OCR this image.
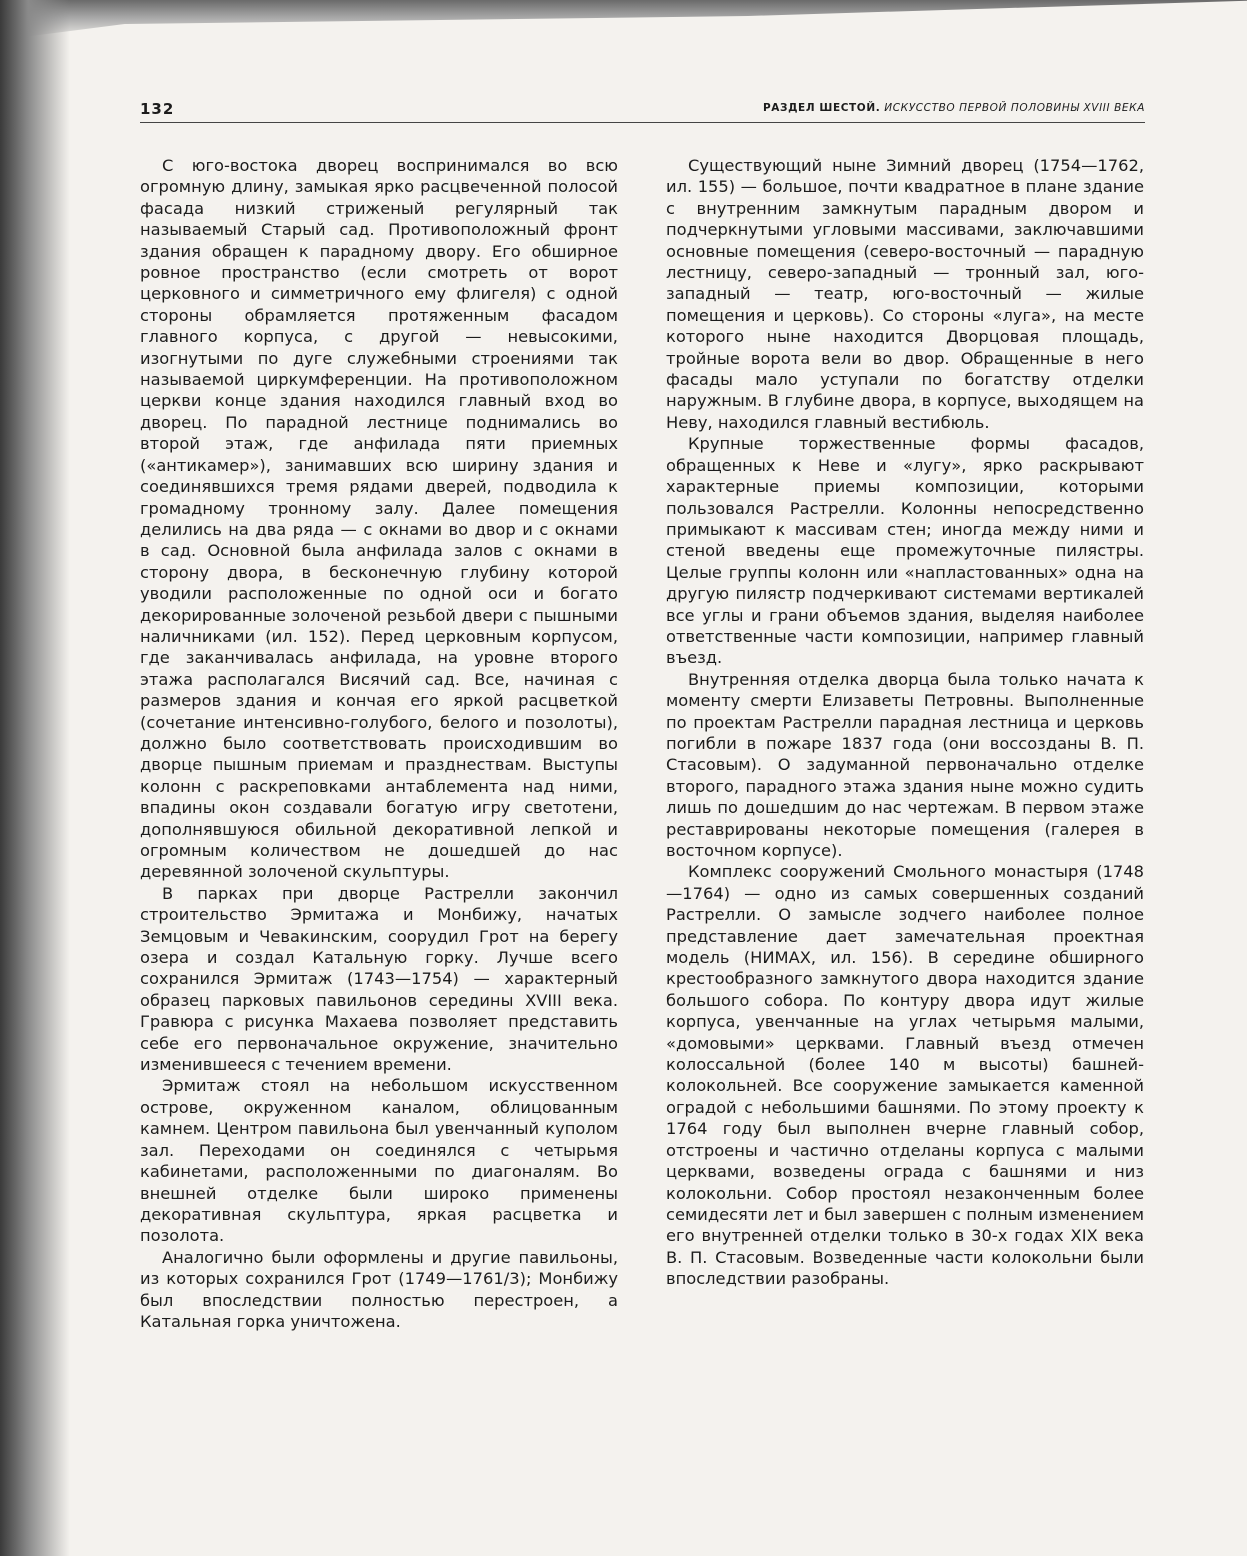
132	РАЗДЕЛ ШЕСТОЙ. ИСКУССТВО ПЕРВОЙ ПОЛОВИНЫ XVIII ВЕКА

С юго-востока дворец воспринимался во всю огромную длину, замыкая ярко расцвеченной полосой фасада низкий стриженый регулярный так называемый Старый сад. Противоположный фронт здания обращен к парадному двору. Его обширное ровное пространство (если смотреть от ворот церковного и симметричного ему флигеля) с одной стороны обрамляется протяженным фасадом главного корпуса, с другой — невысокими, изогнутыми по дуге служебными строениями так называемой циркумференции. На противоположном церкви конце здания находился главный вход во дворец. По парадной лестнице поднимались во второй этаж, где анфилада пяти приемных («антикамер»), занимавших всю ширину здания и соединявшихся тремя рядами дверей, подводила к громадному тронному залу. Далее помещения делились на два ряда — с окнами во двор и с окнами в сад. Основной была анфилада залов с окнами в сторону двора, в бесконечную глубину которой уводили расположенные по одной оси и богато декорированные золоченой резьбой двери с пышными наличниками (ил. 152). Перед церковным корпусом, где заканчивалась анфилада, на уровне второго этажа располагался Висячий сад. Все, начиная с размеров здания и кончая его яркой расцветкой (сочетание интенсивно-голубого, белого и позолоты), должно было соответствовать происходившим во дворце пышным приемам и празднествам. Выступы колонн с раскреповками антаблемента над ними, впадины окон создавали богатую игру светотени, дополнявшуюся обильной декоративной лепкой и огромным количеством не дошедшей до нас деревянной золоченой скульптуры.

В парках при дворце Растрелли закончил строительство Эрмитажа и Монбижу, начатых Земцовым и Чевакинским, соорудил Грот на берегу озера и создал Катальную горку. Лучше всего сохранился Эрмитаж (1743—1754) — характерный образец парковых павильонов середины XVIII века. Гравюра с рисунка Махаева позволяет представить себе его первоначальное окружение, значительно изменившееся с течением времени.

Эрмитаж стоял на небольшом искусственном острове, окруженном каналом, облицованным камнем. Центром павильона был увенчанный куполом зал. Переходами он соединялся с четырьмя кабинетами, расположенными по диагоналям. Во внешней отделке были широко применены декоративная скульптура, яркая расцветка и позолота.

Аналогично были оформлены и другие павильоны, из которых сохранился Грот (1749—1761/3); Монбижу был впоследствии полностью перестроен, а Катальная горка уничтожена.

Существующий ныне Зимний дворец (1754—1762, ил. 155) — большое, почти квадратное в плане здание с внутренним замкнутым парадным двором и подчеркнутыми угловыми массивами, заключавшими основные помещения (северо-восточный — парадную лестницу, северо-западный — тронный зал, юго-западный — театр, юго-восточный — жилые помещения и церковь). Со стороны «луга», на месте которого ныне находится Дворцовая площадь, тройные ворота вели во двор. Обращенные в него фасады мало уступали по богатству отделки наружным. В глубине двора, в корпусе, выходящем на Неву, находился главный вестибюль.

Крупные торжественные формы фасадов, обращенных к Неве и «лугу», ярко раскрывают характерные приемы композиции, которыми пользовался Растрелли. Колонны непосредственно примыкают к массивам стен; иногда между ними и стеной введены еще промежуточные пилястры. Целые группы колонн или «напластованных» одна на другую пилястр подчеркивают системами вертикалей все углы и грани объемов здания, выделяя наиболее ответственные части композиции, например главный въезд.

Внутренняя отделка дворца была только начата к моменту смерти Елизаветы Петровны. Выполненные по проектам Растрелли парадная лестница и церковь погибли в пожаре 1837 года (они воссозданы В. П. Стасовым). О задуманной первоначально отделке второго, парадного этажа здания ныне можно судить лишь по дошедшим до нас чертежам. В первом этаже реставрированы некоторые помещения (галерея в восточном корпусе).

Комплекс сооружений Смольного монастыря (1748—1764) — одно из самых совершенных созданий Растрелли. О замысле зодчего наиболее полное представление дает замечательная проектная модель (НИМАХ, ил. 156). В середине обширного крестообразного замкнутого двора находится здание большого собора. По контуру двора идут жилые корпуса, увенчанные на углах четырьмя малыми, «домовыми» церквами. Главный въезд отмечен колоссальной (более 140 м высоты) башней-колокольней. Все сооружение замыкается каменной оградой с небольшими башнями. По этому проекту к 1764 году был выполнен вчерне главный собор, отстроены и частично отделаны корпуса с малыми церквами, возведены ограда с башнями и низ колокольни. Собор простоял незаконченным более семидесяти лет и был завершен с полным изменением его внутренней отделки только в 30-х годах XIX века В. П. Стасовым. Возведенные части колокольни были впоследствии разобраны.
